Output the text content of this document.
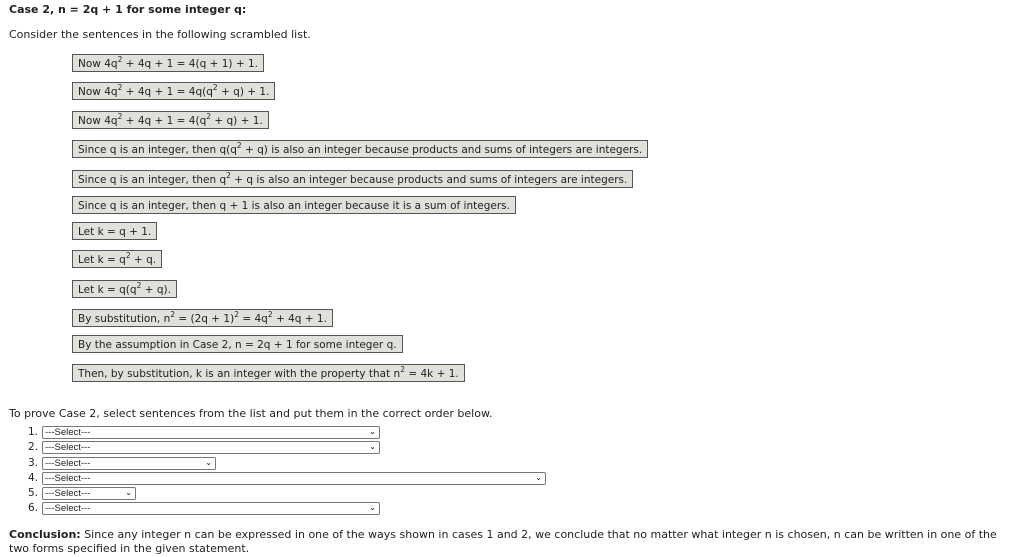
Case 2, n = 2q + 1 for some integer q:
Consider the sentences in the following scrambled list.
Now $4q^2 + 4q + 1 = 4(q + 1) + 1$.
Now $4q^2 + 4q + 1 = 4q(q^2 + q) + 1$.
Now $4q^2 + 4q + 1 = 4(q^2 + q) + 1$.
Since q is an integer, then $q(q^2 + q)$ is also an integer because products and sums of integers are integers.
Since q is an integer, then $q^2 + q$ is also an integer because products and sums of integers are integers.
Since q is an integer, then q + 1 is also an integer because it is a sum of integers.
Let k = q + 1.
Let $k = q^2 + q$.
Let $k = q(q^2 + q)$.
By substitution, $n^2 = (2q + 1)^2 = 4q^2 + 4q + 1$.
By the assumption in Case 2, n = 2q + 1 for some integer q.
Then, by substitution, k is an integer with the property that $n^2 = 4k + 1$.
To prove Case 2, select sentences from the list and put them in the correct order below.
1. ---Select---	⌄
2. ---Select---	⌄
3. ---Select---	⌄
4. ---Select---	⌄
5. ---Select---	⌄
6. ---Select---	⌄
Conclusion: Since any integer n can be expressed in one of the ways shown in cases 1 and 2, we conclude that no matter what integer n is chosen, n can be written in one of the two forms specified in the given statement.
